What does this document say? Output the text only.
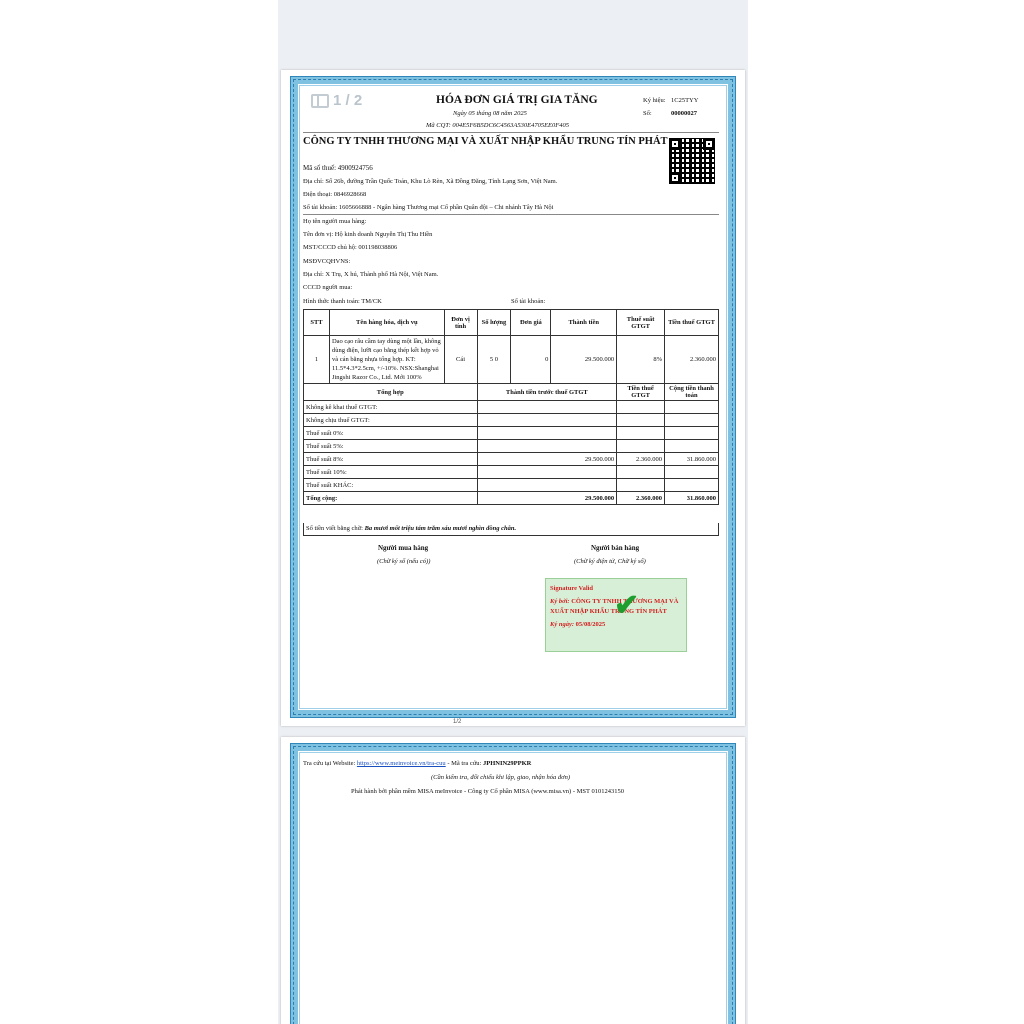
1 / 2	HÓA ĐƠN GIÁ TRỊ GIA TĂNG
Ngày 05 tháng 08 năm 2025
Mã CQT: 004E5F6B5DC6C4563A530E4705EE0F405
Ký hiệu: 1C25TYY
Số:	00000027
CÔNG TY TNHH THƯƠNG MẠI VÀ XUẤT NHẬP KHẨU TRUNG TÍN PHÁT
Mã số thuế: 4900924756
Địa chỉ: Số 26b, đường Trần Quốc Toản, Khu Lò Rèn, Xã Đồng Đăng, Tỉnh Lạng Sơn, Việt Nam.
Điện thoại: 0846928668
Số tài khoản: 1605666888 - Ngân hàng Thương mại Cổ phần Quân đội – Chi nhánh Tây Hà Nội
Họ tên người mua hàng:
Tên đơn vị: Hộ kinh doanh Nguyễn Thị Thu Hiền
MST/CCCD chủ hộ: 001198038806
MSĐVCQHVNS:
Địa chỉ: X Trụ, X hú, Thành phố Hà Nội, Việt Nam.
CCCD người mua:
Hình thức thanh toán: TM/CK	Số tài khoản:
STT	Tên hàng hóa, dịch vụ	Đơn vị tính	Số lượng	Đơn giá	Thành tiền	Thuế suất GTGT	Tiền thuế GTGT
1	Dao cạo râu cầm tay dùng một lần, không dùng điện, lưỡi cạo bằng thép kết hợp vỏ và cán bằng nhựa tổng hợp. KT: 11.5*4.3*2.5cm, +/-10%. NSX:Shanghai Jingshi Razor Co., Ltd. Mới 100%	Cái	5 0	0	29.500.000	8%	2.360.000
Tổng hợp			Thành tiền trước thuế GTGT			Tiền thuế GTGT	Cộng tiền thanh toán
Không kê khai thuế GTGT:							
Không chịu thuế GTGT:							
Thuế suất 0%:							
Thuế suất 5%:							
Thuế suất 8%:			29.500.000			2.360.000	31.860.000
Thuế suất 10%:							
Thuế suất KHÁC:							
Tổng cộng:			29.500.000			2.360.000	31.860.000
Số tiền viết bằng chữ: Ba mươi mốt triệu tám trăm sáu mươi nghìn đồng chẵn.
Người mua hàng
(Chữ ký số (nếu có))
Người bán hàng
(Chữ ký điện tử, Chữ ký số)
Signature Valid
Ký bởi: CÔNG TY TNHH THƯƠNG MẠI VÀ XUẤT NHẬP KHẨU TRUNG TÍN PHÁT
Ký ngày: 05/08/2025
✔
1/2
Tra cứu tại Website: https://www.meinvoice.vn/tra-cuu - Mã tra cứu: JPHNIN29PPKR
(Cần kiểm tra, đối chiếu khi lập, giao, nhận hóa đơn)
Phát hành bởi phần mềm MISA meInvoice - Công ty Cổ phần MISA (www.misa.vn) - MST 0101243150
